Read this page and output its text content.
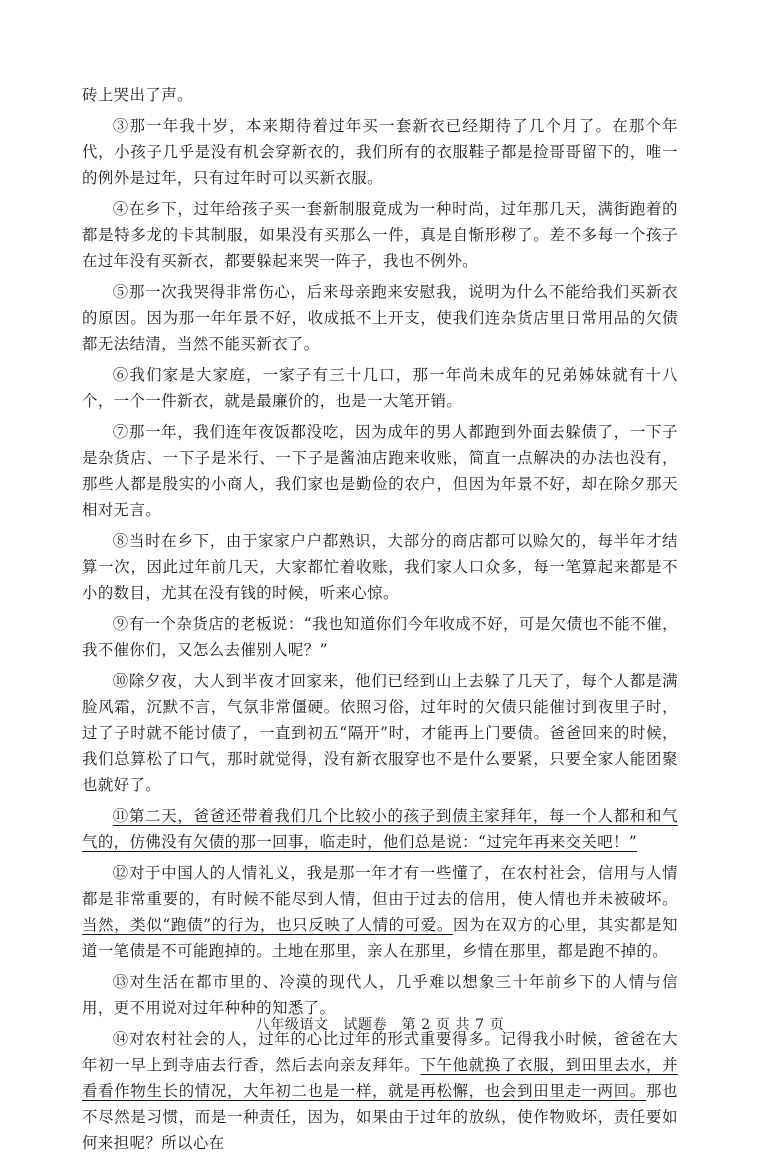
砖上哭出了声。

③那一年我十岁，本来期待着过年买一套新衣已经期待了几个月了。在那个年代，小孩子几乎是没有机会穿新衣的，我们所有的衣服鞋子都是捡哥哥留下的，唯一的例外是过年，只有过年时可以买新衣服。

④在乡下，过年给孩子买一套新制服竟成为一种时尚，过年那几天，满街跑着的都是特多龙的卡其制服，如果没有买那么一件，真是自惭形秽了。差不多每一个孩子在过年没有买新衣，都要躲起来哭一阵子，我也不例外。

⑤那一次我哭得非常伤心，后来母亲跑来安慰我，说明为什么不能给我们买新衣的原因。因为那一年年景不好，收成抵不上开支，使我们连杂货店里日常用品的欠债都无法结清，当然不能买新衣了。

⑥我们家是大家庭，一家子有三十几口，那一年尚未成年的兄弟姊妹就有十八个，一个一件新衣，就是最廉价的，也是一大笔开销。

⑦那一年，我们连年夜饭都没吃，因为成年的男人都跑到外面去躲债了，一下子是杂货店、一下子是米行、一下子是酱油店跑来收账，简直一点解决的办法也没有，那些人都是殷实的小商人，我们家也是勤俭的农户，但因为年景不好，却在除夕那天相对无言。

⑧当时在乡下，由于家家户户都熟识，大部分的商店都可以赊欠的，每半年才结算一次，因此过年前几天，大家都忙着收账，我们家人口众多，每一笔算起来都是不小的数目，尤其在没有钱的时候，听来心惊。

⑨有一个杂货店的老板说：“我也知道你们今年收成不好，可是欠债也不能不催，我不催你们，又怎么去催别人呢？”

⑩除夕夜，大人到半夜才回家来，他们已经到山上去躲了几天了，每个人都是满脸风霜，沉默不言，气氛非常僵硬。依照习俗，过年时的欠债只能催讨到夜里子时，过了子时就不能讨债了，一直到初五“隔开”时，才能再上门要债。爸爸回来的时候，我们总算松了口气，那时就觉得，没有新衣服穿也不是什么要紧，只要全家人能团聚也就好了。

⑪第二天，爸爸还带着我们几个比较小的孩子到债主家拜年，每一个人都和和气气的，仿佛没有欠债的那一回事，临走时，他们总是说：“过完年再来交关吧！”

⑫对于中国人的人情礼义，我是那一年才有一些懂了，在农村社会，信用与人情都是非常重要的，有时候不能尽到人情，但由于过去的信用，使人情也并未被破坏。当然，类似“跑债”的行为，也只反映了人情的可爱。因为在双方的心里，其实都是知道一笔债是不可能跑掉的。土地在那里，亲人在那里，乡情在那里，都是跑不掉的。

⑬对生活在都市里的、冷漠的现代人，几乎难以想象三十年前乡下的人情与信用，更不用说对过年种种的知悉了。

⑭对农村社会的人，过年的心比过年的形式重要得多。记得我小时候，爸爸在大年初一早上到寺庙去行香，然后去向亲友拜年。下午他就换了衣服，到田里去水，并看看作物生长的情况，大年初二也是一样，就是再松懈，也会到田里走一两回。那也不尽然是习惯，而是一种责任，因为，如果由于过年的放纵，使作物败坏，责任要如何来担呢？所以心在

八年级语文　试题卷　第 2 页 共 7 页
